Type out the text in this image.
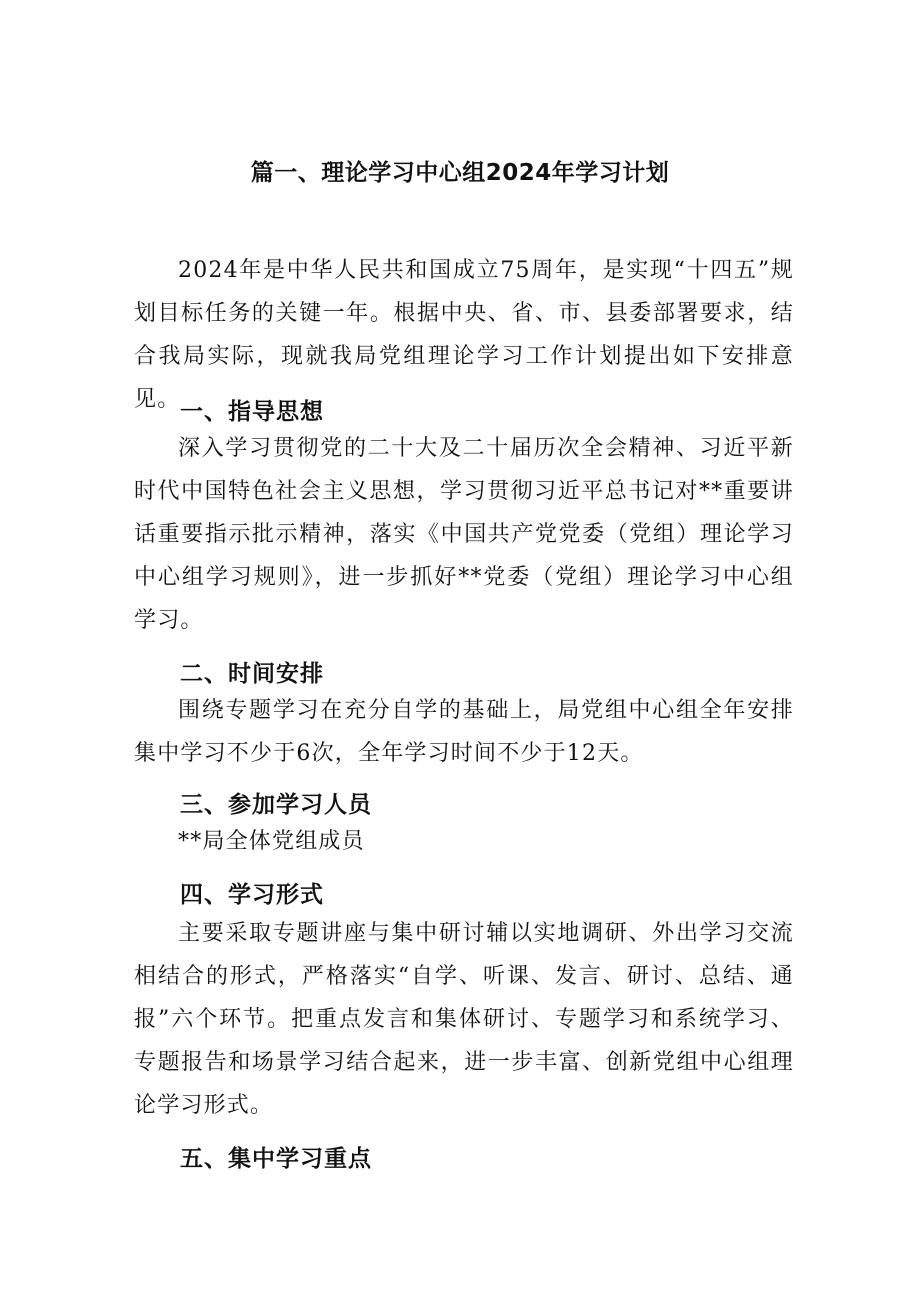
篇一、理论学习中心组2024年学习计划

2024年是中华人民共和国成立75周年，是实现“十四五”规划目标任务的关键一年。根据中央、省、市、县委部署要求，结合我局实际，现就我局党组理论学习工作计划提出如下安排意见。 一、指导思想

深入学习贯彻党的二十大及二十届历次全会精神、习近平新时代中国特色社会主义思想，学习贯彻习近平总书记对**重要讲话重要指示批示精神，落实《中国共产党党委（党组）理论学习中心组学习规则》，进一步抓好**党委（党组）理论学习中心组学习。

二、时间安排

围绕专题学习在充分自学的基础上，局党组中心组全年安排集中学习不少于6次，全年学习时间不少于12天。

三、参加学习人员

**局全体党组成员

四、学习形式

主要采取专题讲座与集中研讨辅以实地调研、外出学习交流相结合的形式，严格落实“自学、听课、发言、研讨、总结、通报”六个环节。把重点发言和集体研讨、专题学习和系统学习、专题报告和场景学习结合起来，进一步丰富、创新党组中心组理论学习形式。

五、集中学习重点
